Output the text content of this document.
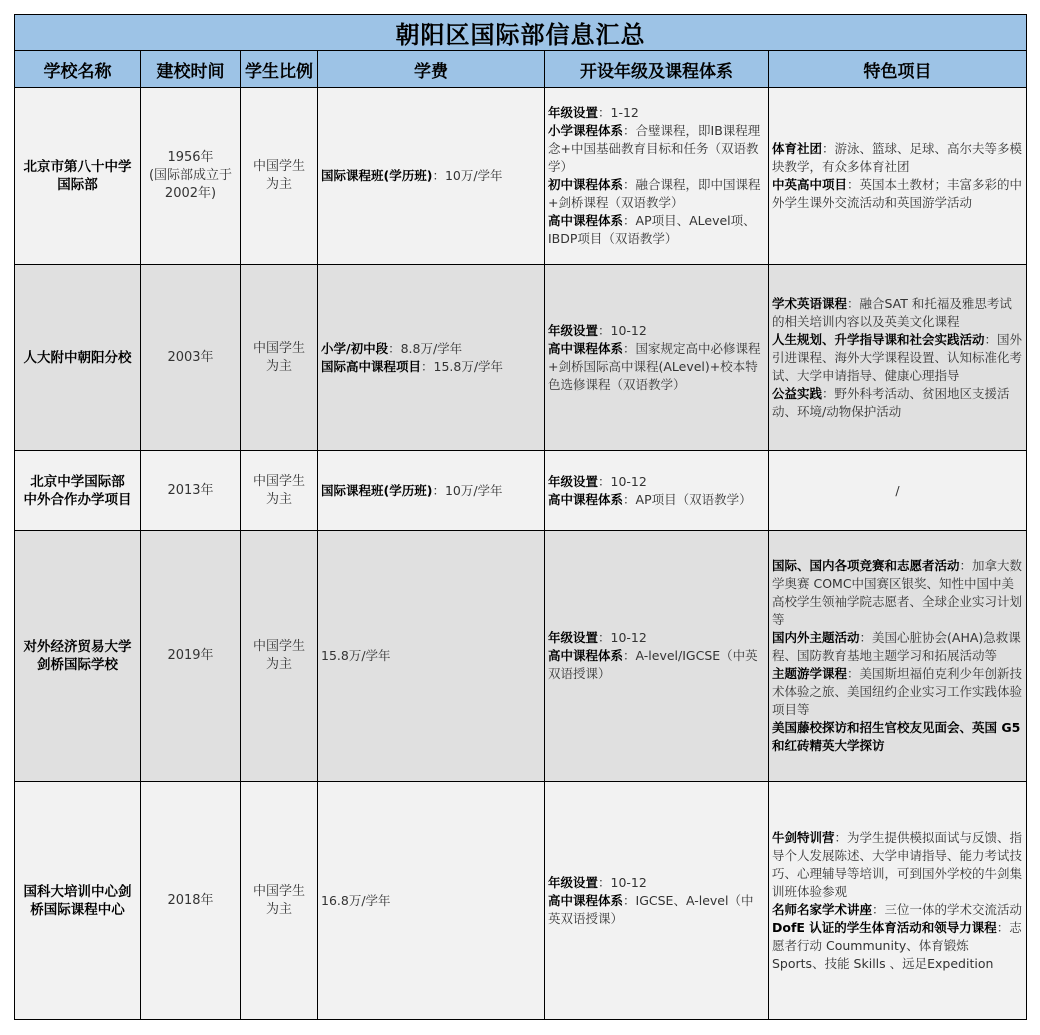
朝阳区国际部信息汇总					
学校名称	建校时间	学生比例	学费	开设年级及课程体系	特色项目

北京市第八十中学
国际部	1956年
(国际部成立于
2002年)	中国学生
为主	国际课程班(学历班)：10万/学年	年级设置：1-12
小学课程体系：合璧课程，即IB课程理念+中国基础教育目标和任务（双语教学）
初中课程体系：融合课程，即中国课程+剑桥课程（双语教学）
高中课程体系：AP项目、ALevel项、IBDP项目（双语教学）	体育社团：游泳、篮球、足球、高尔夫等多模块教学，有众多体育社团
中英高中项目：英国本土教材；丰富多彩的中外学生课外交流活动和英国游学活动

人大附中朝阳分校	2003年	中国学生
为主	小学/初中段：8.8万/学年
国际高中课程项目：15.8万/学年	年级设置：10-12
高中课程体系：国家规定高中必修课程+剑桥国际高中课程(ALevel)+校本特色选修课程（双语教学）	学术英语课程：融合SAT 和托福及雅思考试的相关培训内容以及英美文化课程
人生规划、升学指导课和社会实践活动：国外引进课程、海外大学课程设置、认知标准化考试、大学申请指导、健康心理指导
公益实践：野外科考活动、贫困地区支援活动、环境/动物保护活动

北京中学国际部
中外合作办学项目	2013年	中国学生
为主	国际课程班(学历班)：10万/学年	年级设置：10-12
高中课程体系：AP项目（双语教学）	/

对外经济贸易大学
剑桥国际学校	2019年	中国学生
为主	15.8万/学年	年级设置：10-12
高中课程体系：A-level/IGCSE（中英双语授课）	国际、国内各项竞赛和志愿者活动：加拿大数学奥赛 COMC中国赛区银奖、知性中国中美高校学生领袖学院志愿者、全球企业实习计划等
国内外主题活动：美国心脏协会(AHA)急救课程、国防教育基地主题学习和拓展活动等
主题游学课程：美国斯坦福伯克利少年创新技术体验之旅、美国纽约企业实习工作实践体验项目等
美国藤校探访和招生官校友见面会、英国 G5 和红砖精英大学探访

国科大培训中心剑
桥国际课程中心	2018年	中国学生
为主	16.8万/学年	年级设置：10-12
高中课程体系：IGCSE、A-level（中英双语授课）	牛剑特训营：为学生提供模拟面试与反馈、指导个人发展陈述、大学申请指导、能力考试技巧、心理辅导等培训，可到国外学校的牛剑集训班体验参观
名师名家学术讲座：三位一体的学术交流活动
DofE 认证的学生体育活动和领导力课程：志愿者行动 Coummunity、体育锻炼 Sports、技能 Skills 、远足Expedition
